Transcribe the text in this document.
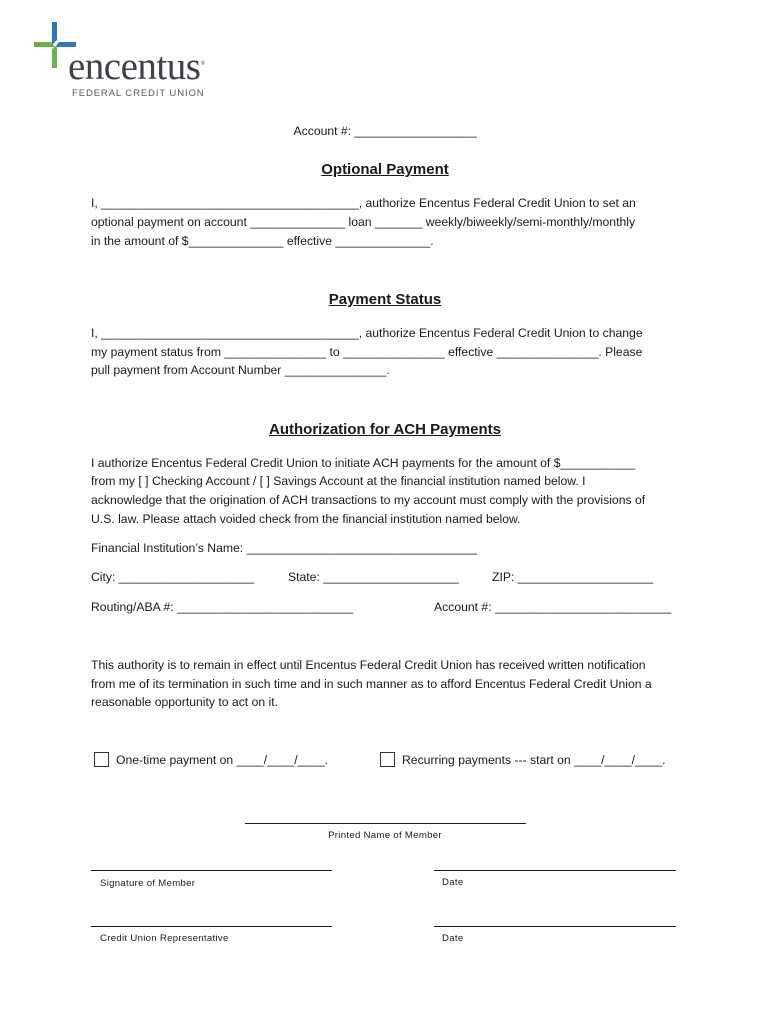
encentus®
FEDERAL CREDIT UNION
Account #: __________________
Optional Payment
I, ______________________________________, authorize Encentus Federal Credit Union to set an
optional payment on account ______________ loan _______ weekly/biweekly/semi-monthly/monthly
in the amount of $______________ effective ______________.
Payment Status
I, ______________________________________, authorize Encentus Federal Credit Union to change
my payment status from _______________ to _______________ effective _______________. Please
pull payment from Account Number _______________.
Authorization for ACH Payments
I authorize Encentus Federal Credit Union to initiate ACH payments for the amount of $___________
from my [ ] Checking Account / [ ] Savings Account at the financial institution named below. I
acknowledge that the origination of ACH transactions to my account must comply with the provisions of
U.S. law. Please attach voided check from the financial institution named below.
Financial Institution’s Name: __________________________________
City: ____________________	State: ____________________	ZIP: ____________________
Routing/ABA #: __________________________	Account #: __________________________
This authority is to remain in effect until Encentus Federal Credit Union has received written notification
from me of its termination in such time and in such manner as to afford Encentus Federal Credit Union a
reasonable opportunity to act on it.
One-time payment on ____/____/____.	Recurring payments --- start on ____/____/____.
Printed Name of Member
Signature of Member	Date
Credit Union Representative	Date
